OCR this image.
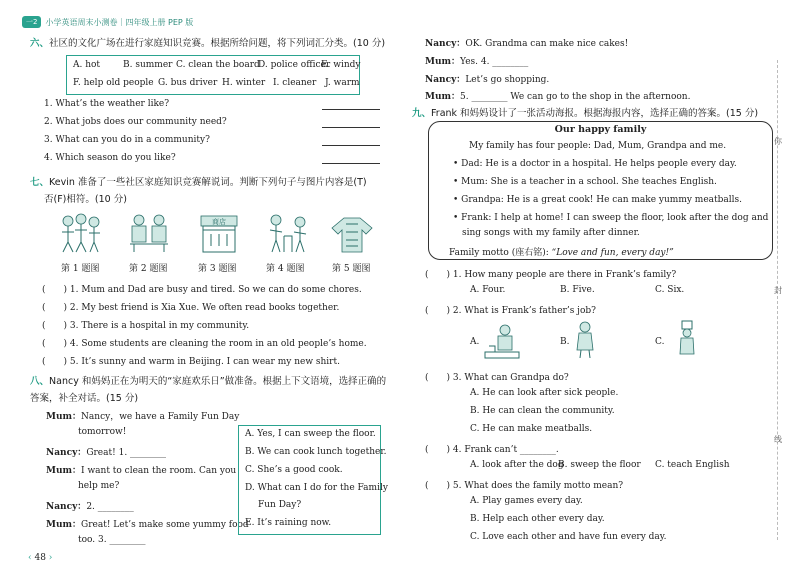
一2	小学英语周末小测卷｜四年级上册 PEP 版
六、社区的文化广场在进行家庭知识竞赛。根据所给问题，将下列词汇分类。(10 分)
A. hot	B. summer C. clean the board
D. police officer
E. windy
F. help old people G. bus driver H. winter I. cleaner J. warm
1. What’s the weather like?
2. What jobs does our community need?
3. What can you do in a community?
4. Which season do you like?
七、Kevin 准备了一些社区家庭知识竞赛解说词。判断下列句子与图片内容是(T)
否(F)相符。(10 分)
商店
第 1 题图	第 2 题图	第 3 题图	第 4 题图	第 5 题图
(　　) 1. Mum and Dad are busy and tired. So we can do some chores.
(　　) 2. My best friend is Xia Xue. We often read books together.
(　　) 3. There is a hospital in my community.
(　　) 4. Some students are cleaning the room in an old people’s home.
(　　) 5. It’s sunny and warm in Beijing. I can wear my new shirt.
八、Nancy 和妈妈正在为明天的“家庭欢乐日”做准备。根据上下文语境，选择正确的
答案，补全对话。(15 分)
Mum：Nancy，we have a Family Fun Day
tomorrow!
Nancy：Great! 1. ________
Mum：I want to clean the room. Can you
help me?
Nancy：2. ________
Mum：Great! Let’s make some yummy food
too. 3. ________
A. Yes, I can sweep the floor.
B. We can cook lunch together.
C. She’s a good cook.
D. What can I do for the Family
Fun Day?
E. It’s raining now.
‹ 48 ›
Nancy：OK. Grandma can make nice cakes!
Mum：Yes. 4. ________
Nancy：Let’s go shopping.
Mum：5. ________ We can go to the shop in the afternoon.
九、Frank 和妈妈设计了一张活动海报。根据海报内容，选择正确的答案。(15 分)
Our happy family
My family has four people: Dad, Mum, Grandpa and me.
• Dad: He is a doctor in a hospital. He helps people every day.
• Mum: She is a teacher in a school. She teaches English.
• Grandpa: He is a great cook! He can make yummy meatballs.
• Frank: I help at home! I can sweep the floor, look after the dog and
sing songs with my family after dinner.
Family motto (座右铭): “Love and fun, every day!”
(　　) 1. How many people are there in Frank’s family?
A. Four.	B. Five.	C. Six.
(　　) 2. What is Frank’s father’s job?
A.	B.	C.
(　　) 3. What can Grandpa do?
A. He can look after sick people.
B. He can clean the community.
C. He can make meatballs.
(　　) 4. Frank can’t ________.
A. look after the dog
B. sweep the floor C. teach English
(　　) 5. What does the family motto mean?
A. Play games every day.
B. Help each other every day.
C. Love each other and have fun every day.
你
封
线
